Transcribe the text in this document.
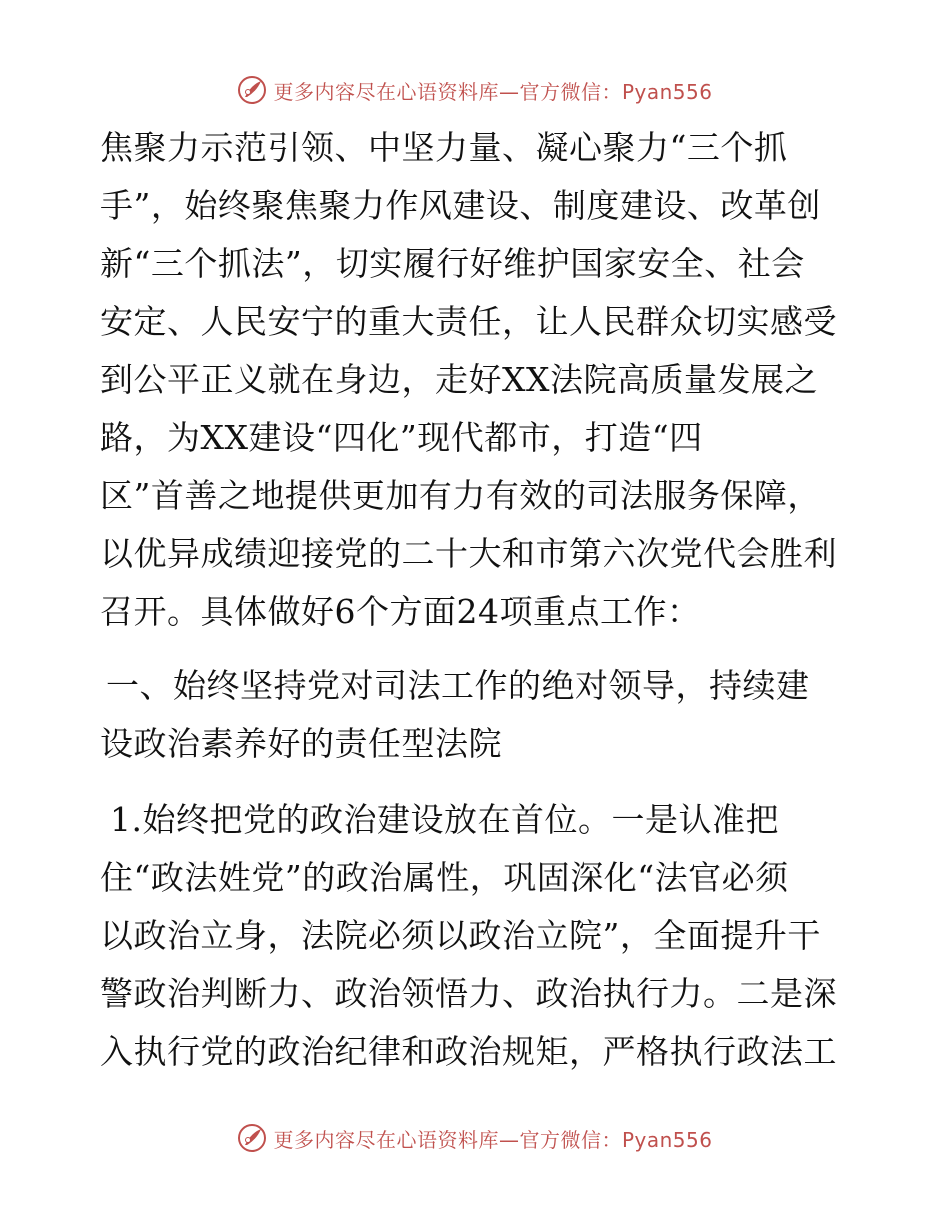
更多内容尽在心语资料库—官方微信：Pyan556
焦聚力示范引领、中坚力量、凝心聚力“三个抓
手”，始终聚焦聚力作风建设、制度建设、改革创
新“三个抓法”，切实履行好维护国家安全、社会
安定、人民安宁的重大责任，让人民群众切实感受
到公平正义就在身边，走好XX法院高质量发展之
路，为XX建设“四化”现代都市，打造“四
区”首善之地提供更加有力有效的司法服务保障，
以优异成绩迎接党的二十大和市第六次党代会胜利
召开。具体做好6个方面24项重点工作：
一、始终坚持党对司法工作的绝对领导，持续建
设政治素养好的责任型法院
1.始终把党的政治建设放在首位。一是认准把
住“政法姓党”的政治属性，巩固深化“法官必须
以政治立身，法院必须以政治立院”，全面提升干
警政治判断力、政治领悟力、政治执行力。二是深
入执行党的政治纪律和政治规矩，严格执行政法工
更多内容尽在心语资料库—官方微信：Pyan556
